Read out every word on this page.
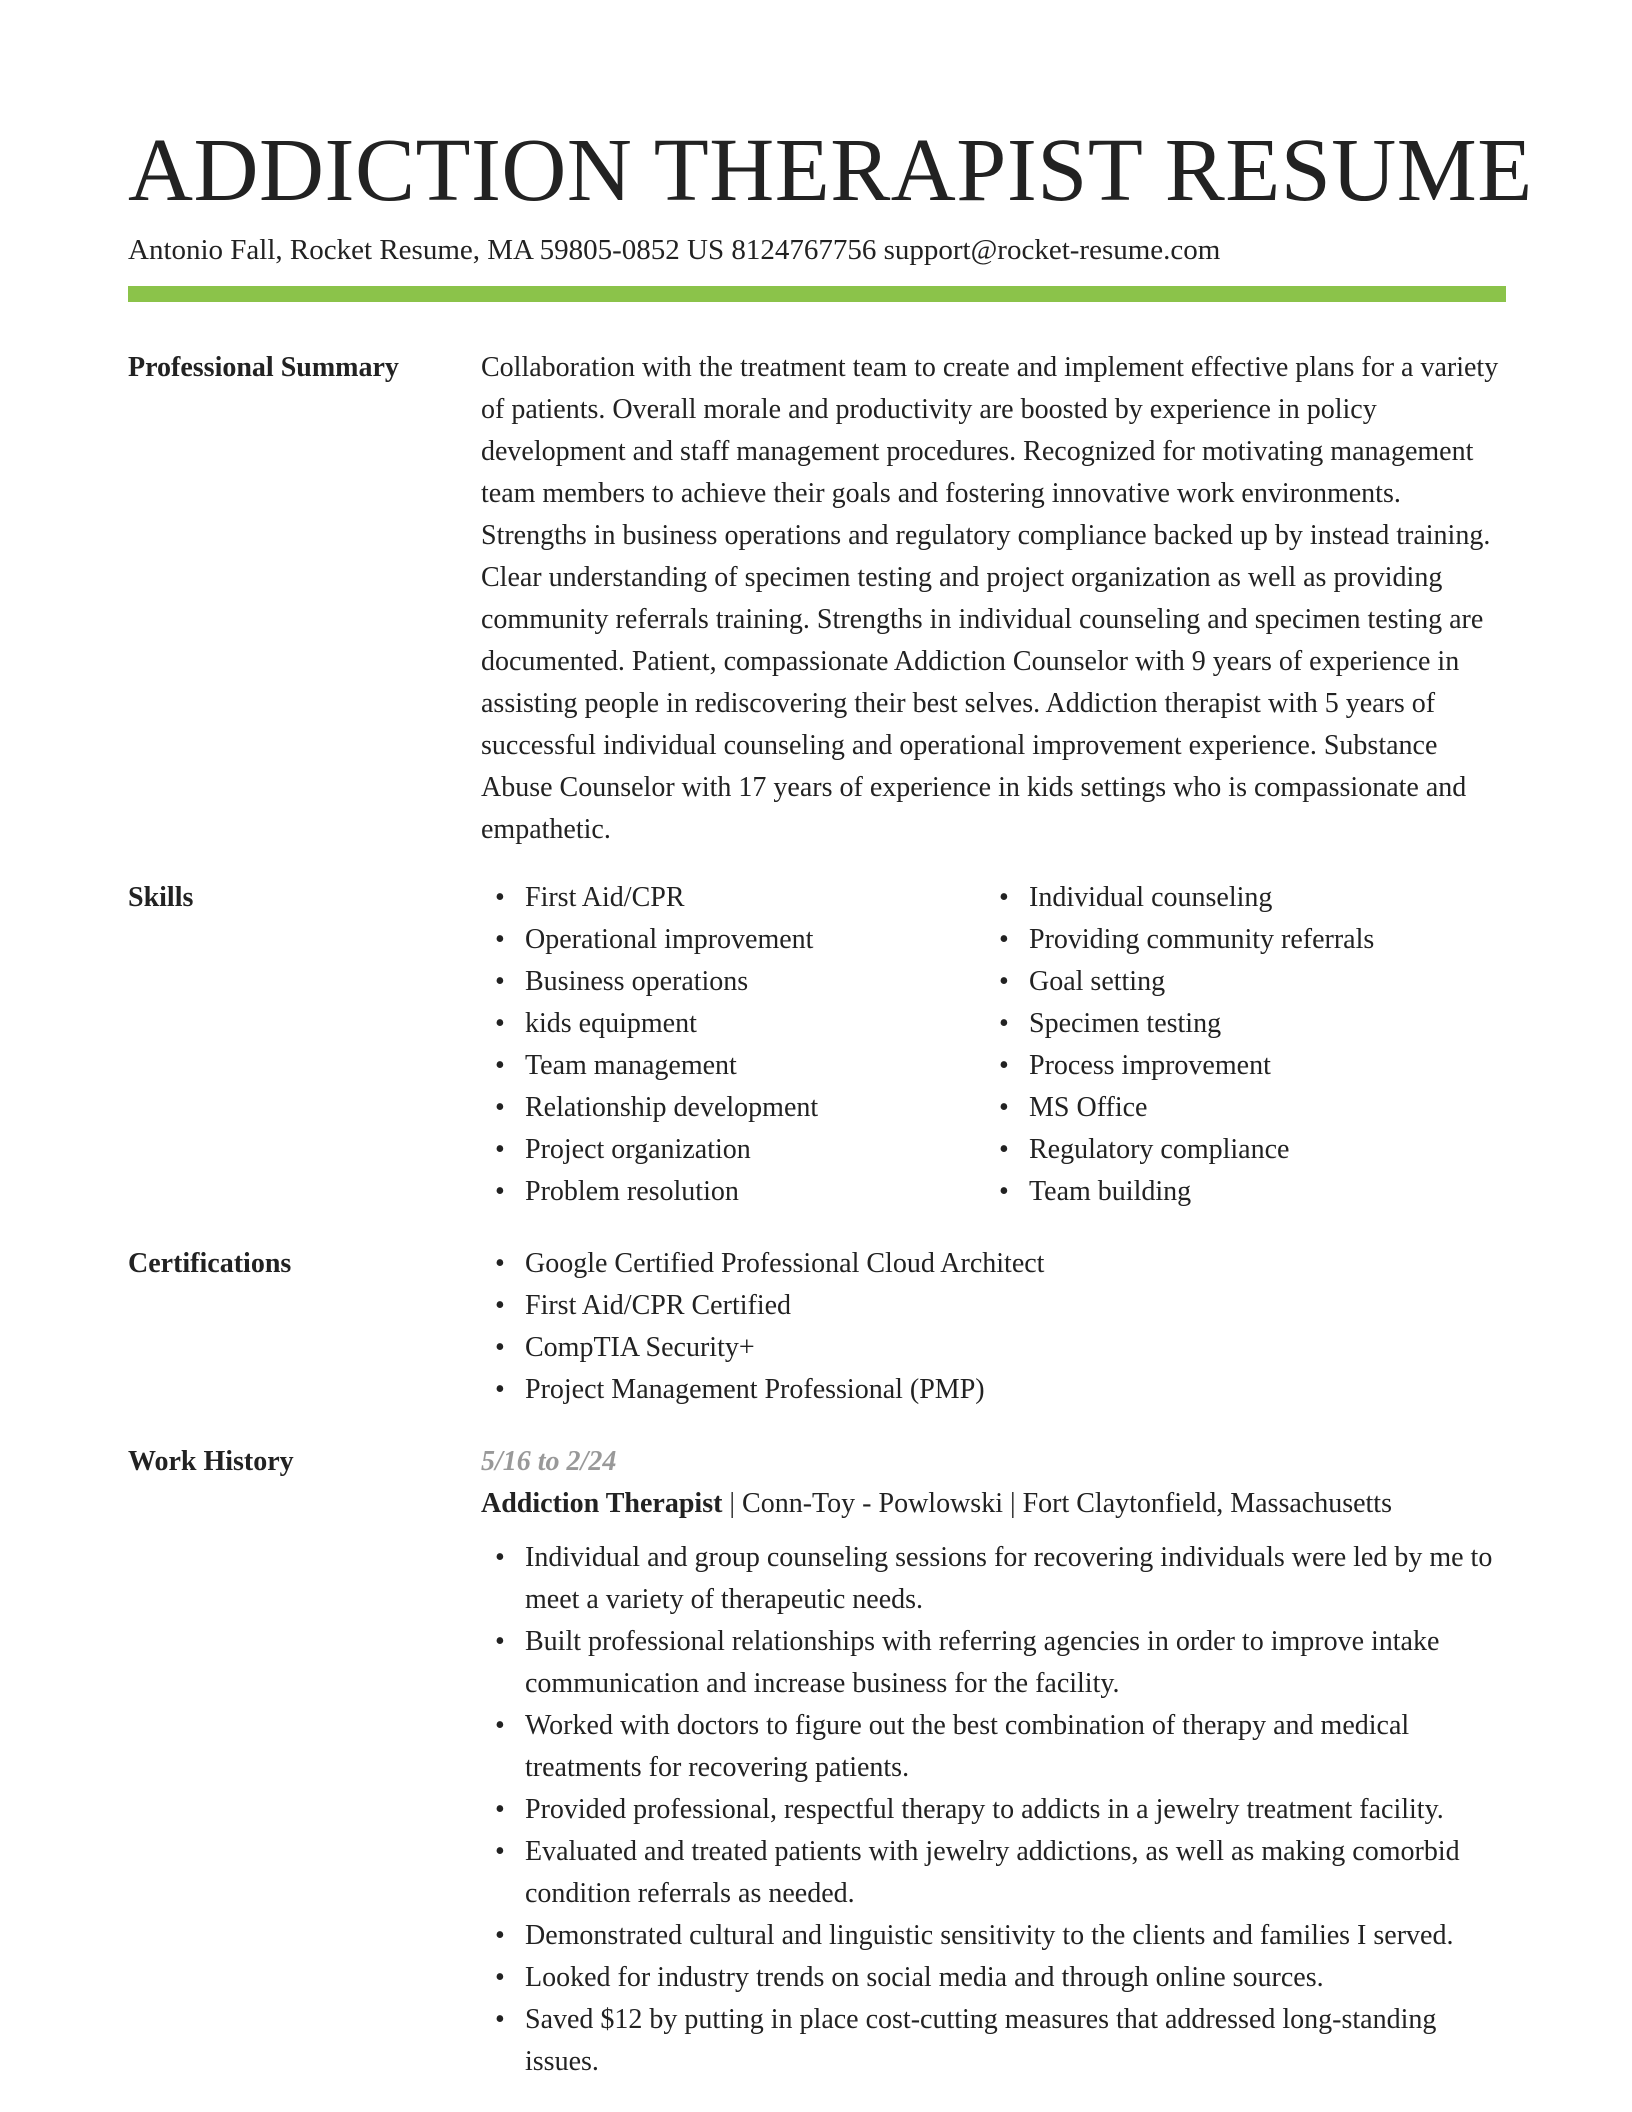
ADDICTION THERAPIST RESUME

Antonio Fall, Rocket Resume, MA 59805-0852 US 8124767756 support@rocket-resume.com

Professional Summary	Collaboration with the treatment team to create and implement effective plans for a variety of patients. Overall morale and productivity are boosted by experience in policy development and staff management procedures. Recognized for motivating management team members to achieve their goals and fostering innovative work environments. Strengths in business operations and regulatory compliance backed up by instead training. Clear understanding of specimen testing and project organization as well as providing community referrals training. Strengths in individual counseling and specimen testing are documented. Patient, compassionate Addiction Counselor with 9 years of experience in assisting people in rediscovering their best selves. Addiction therapist with 5 years of successful individual counseling and operational improvement experience. Substance Abuse Counselor with 17 years of experience in kids settings who is compassionate and empathetic.

Skills	• First Aid/CPR
• Operational improvement
• Business operations
• kids equipment
• Team management
• Relationship development
• Project organization
• Problem resolution
• Individual counseling
• Providing community referrals
• Goal setting
• Specimen testing
• Process improvement
• MS Office
• Regulatory compliance
• Team building
Certifications	• Google Certified Professional Cloud Architect
• First Aid/CPR Certified
• CompTIA Security+
• Project Management Professional (PMP)
Work History	5/16 to 2/24

Addiction Therapist | Conn-Toy - Powlowski | Fort Claytonfield, Massachusetts

• Individual and group counseling sessions for recovering individuals were led by me to meet a variety of therapeutic needs.
• Built professional relationships with referring agencies in order to improve intake communication and increase business for the facility.
• Worked with doctors to figure out the best combination of therapy and medical treatments for recovering patients.
• Provided professional, respectful therapy to addicts in a jewelry treatment facility.
• Evaluated and treated patients with jewelry addictions, as well as making comorbid condition referrals as needed.
• Demonstrated cultural and linguistic sensitivity to the clients and families I served.
• Looked for industry trends on social media and through online sources.
• Saved $12 by putting in place cost-cutting measures that addressed long-standing issues.
